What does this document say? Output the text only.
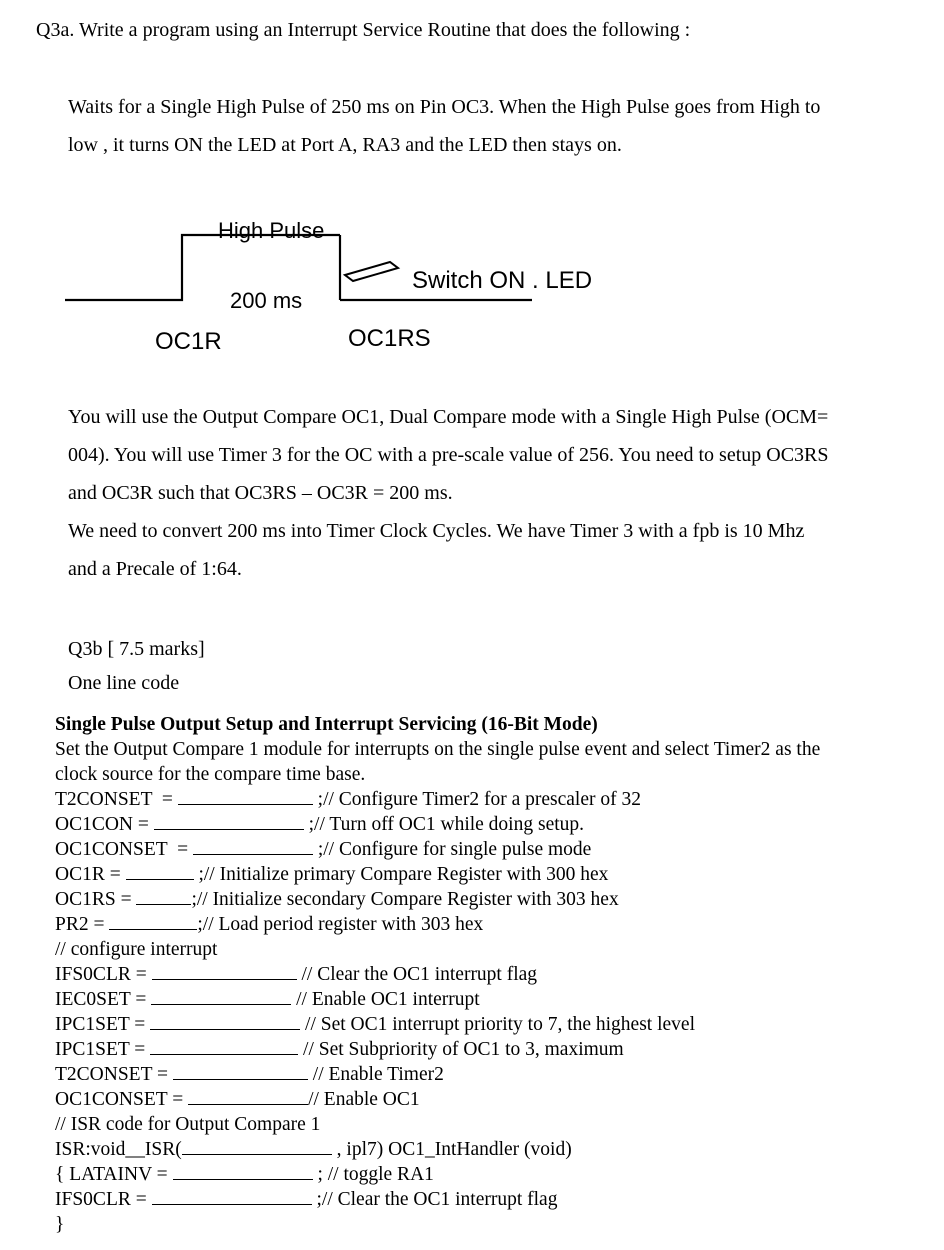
Q3a. Write a program using an Interrupt Service Routine that does the following :

Waits for a Single High Pulse of 250 ms on Pin OC3. When the High Pulse goes from High to

low , it turns ON the LED at Port A, RA3 and the LED then stays on.

High Pulse
200 ms
OC1R	OC1RS
Switch ON . LED

You will use the Output Compare OC1, Dual Compare mode with a Single High Pulse (OCM=

004). You will use Timer 3 for the OC with a pre-scale value of 256. You need to setup OC3RS

and OC3R such that OC3RS – OC3R = 200 ms.

We need to convert 200 ms into Timer Clock Cycles. We have Timer 3 with a fpb is 10 Mhz

and a Precale of 1:64.

Q3b [ 7.5 marks]

One line code

Single Pulse Output Setup and Interrupt Servicing (16-Bit Mode)
Set the Output Compare 1 module for interrupts on the single pulse event and select Timer2 as the
clock source for the compare time base.
T2CONSET  =	;// Configure Timer2 for a prescaler of 32
OC1CON =	;// Turn off OC1 while doing setup.
OC1CONSET  =	;// Configure for single pulse mode
OC1R =	;// Initialize primary Compare Register with 300 hex
OC1RS =	;// Initialize secondary Compare Register with 303 hex
PR2 =	;// Load period register with 303 hex
// configure interrupt
IFS0CLR =	// Clear the OC1 interrupt flag
IEC0SET =	// Enable OC1 interrupt
IPC1SET =	// Set OC1 interrupt priority to 7, the highest level
IPC1SET =	// Set Subpriority of OC1 to 3, maximum
T2CONSET =	// Enable Timer2
OC1CONSET =	// Enable OC1
// ISR code for Output Compare 1
ISR:void__ISR(	, ipl7) OC1_IntHandler (void)
{ LATAINV =	; // toggle RA1
IFS0CLR =	;// Clear the OC1 interrupt flag
}
